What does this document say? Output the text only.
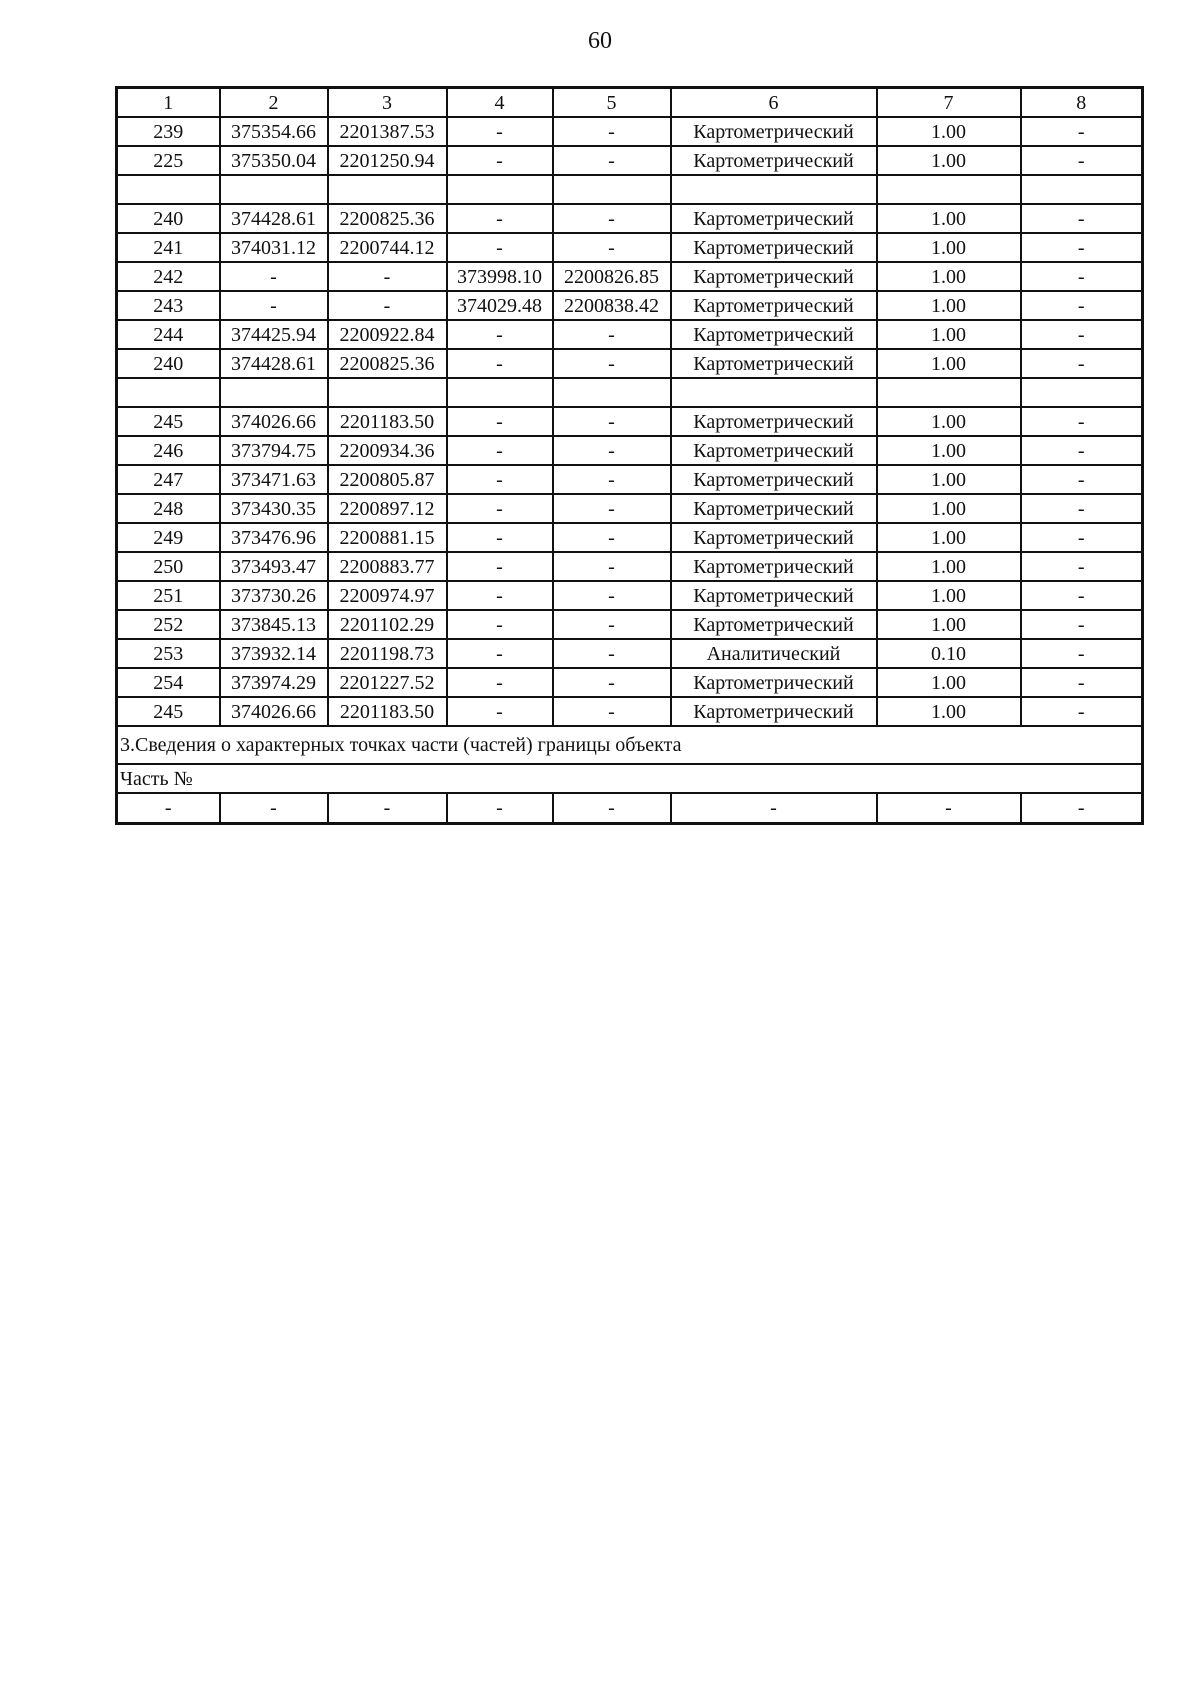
60
1	2	3	4	5	6	7	8
239	375354.66	2201387.53	-	-	Картометрический	1.00	-
225	375350.04	2201250.94	-	-	Картометрический	1.00	-

240	374428.61	2200825.36	-	-	Картометрический	1.00	-
241	374031.12	2200744.12	-	-	Картометрический	1.00	-
242	-	-	373998.10	2200826.85	Картометрический	1.00	-
243	-	-	374029.48	2200838.42	Картометрический	1.00	-
244	374425.94	2200922.84	-	-	Картометрический	1.00	-
240	374428.61	2200825.36	-	-	Картометрический	1.00	-

245	374026.66	2201183.50	-	-	Картометрический	1.00	-
246	373794.75	2200934.36	-	-	Картометрический	1.00	-
247	373471.63	2200805.87	-	-	Картометрический	1.00	-
248	373430.35	2200897.12	-	-	Картометрический	1.00	-
249	373476.96	2200881.15	-	-	Картометрический	1.00	-
250	373493.47	2200883.77	-	-	Картометрический	1.00	-
251	373730.26	2200974.97	-	-	Картометрический	1.00	-
252	373845.13	2201102.29	-	-	Картометрический	1.00	-
253	373932.14	2201198.73	-	-	Аналитический	0.10	-
254	373974.29	2201227.52	-	-	Картометрический	1.00	-
245	374026.66	2201183.50	-	-	Картометрический	1.00	-
3.Сведения о характерных точках части (частей) границы объекта							
Часть №							
-	-	-	-	-	-	-	-
